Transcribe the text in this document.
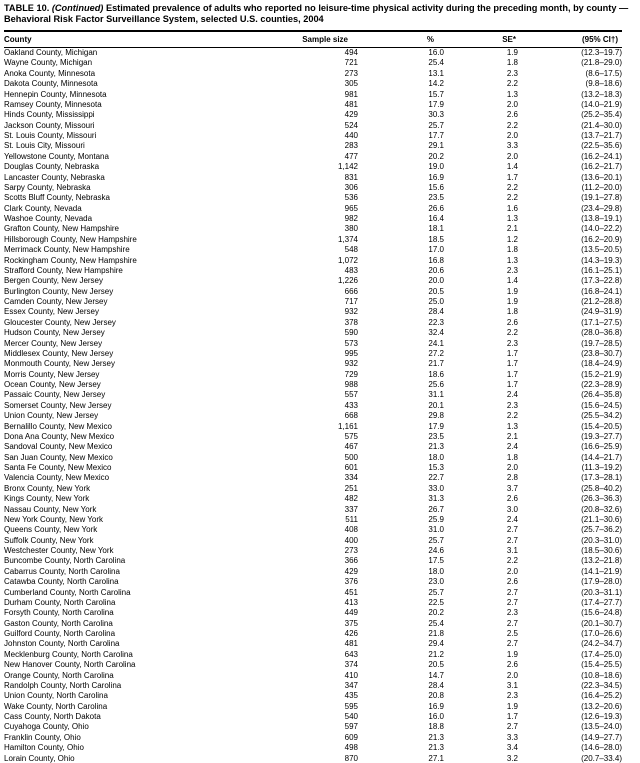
TABLE 10. (Continued) Estimated prevalence of adults who reported no leisure-time physical activity during the preceding month, by county — Behavioral Risk Factor Surveillance System, selected U.S. counties, 2004

County	Sample size	%	SE*	(95% CI†)
Oakland County, Michigan	494	16.0	1.9	(12.3–19.7)
Wayne County, Michigan	721	25.4	1.8	(21.8–29.0)
Anoka County, Minnesota	273	13.1	2.3	(8.6–17.5)
Dakota County, Minnesota	305	14.2	2.2	(9.8–18.6)
Hennepin County, Minnesota	981	15.7	1.3	(13.2–18.3)
Ramsey County, Minnesota	481	17.9	2.0	(14.0–21.9)
Hinds County, Mississippi	429	30.3	2.6	(25.2–35.4)
Jackson County, Missouri	524	25.7	2.2	(21.4–30.0)
St. Louis County, Missouri	440	17.7	2.0	(13.7–21.7)
St. Louis City, Missouri	283	29.1	3.3	(22.5–35.6)
Yellowstone County, Montana	477	20.2	2.0	(16.2–24.1)
Douglas County, Nebraska	1,142	19.0	1.4	(16.2–21.7)
Lancaster County, Nebraska	831	16.9	1.7	(13.6–20.1)
Sarpy County, Nebraska	306	15.6	2.2	(11.2–20.0)
Scotts Bluff County, Nebraska	536	23.5	2.2	(19.1–27.8)
Clark County, Nevada	965	26.6	1.6	(23.4–29.8)
Washoe County, Nevada	982	16.4	1.3	(13.8–19.1)
Grafton County, New Hampshire	380	18.1	2.1	(14.0–22.2)
Hillsborough County, New Hampshire	1,374	18.5	1.2	(16.2–20.9)
Merrimack County, New Hampshire	548	17.0	1.8	(13.5–20.5)
Rockingham County, New Hampshire	1,072	16.8	1.3	(14.3–19.3)
Strafford County, New Hampshire	483	20.6	2.3	(16.1–25.1)
Bergen County, New Jersey	1,226	20.0	1.4	(17.3–22.8)
Burlington County, New Jersey	666	20.5	1.9	(16.8–24.1)
Camden County, New Jersey	717	25.0	1.9	(21.2–28.8)
Essex County, New Jersey	932	28.4	1.8	(24.9–31.9)
Gloucester County, New Jersey	378	22.3	2.6	(17.1–27.5)
Hudson County, New Jersey	590	32.4	2.2	(28.0–36.8)
Mercer County, New Jersey	573	24.1	2.3	(19.7–28.5)
Middlesex County, New Jersey	995	27.2	1.7	(23.8–30.7)
Monmouth County, New Jersey	932	21.7	1.7	(18.4–24.9)
Morris County, New Jersey	729	18.6	1.7	(15.2–21.9)
Ocean County, New Jersey	988	25.6	1.7	(22.3–28.9)
Passaic County, New Jersey	557	31.1	2.4	(26.4–35.8)
Somerset County, New Jersey	433	20.1	2.3	(15.6–24.5)
Union County, New Jersey	668	29.8	2.2	(25.5–34.2)
Bernalillo County, New Mexico	1,161	17.9	1.3	(15.4–20.5)
Dona Ana County, New Mexico	575	23.5	2.1	(19.3–27.7)
Sandoval County, New Mexico	467	21.3	2.4	(16.6–25.9)
San Juan County, New Mexico	500	18.0	1.8	(14.4–21.7)
Santa Fe County, New Mexico	601	15.3	2.0	(11.3–19.2)
Valencia County, New Mexico	334	22.7	2.8	(17.3–28.1)
Bronx County, New York	251	33.0	3.7	(25.8–40.2)
Kings County, New York	482	31.3	2.6	(26.3–36.3)
Nassau County, New York	337	26.7	3.0	(20.8–32.6)
New York County, New York	511	25.9	2.4	(21.1–30.6)
Queens County, New York	408	31.0	2.7	(25.7–36.2)
Suffolk County, New York	400	25.7	2.7	(20.3–31.0)
Westchester County, New York	273	24.6	3.1	(18.5–30.6)
Buncombe County, North Carolina	366	17.5	2.2	(13.2–21.8)
Cabarrus County, North Carolina	429	18.0	2.0	(14.1–21.9)
Catawba County, North Carolina	376	23.0	2.6	(17.9–28.0)
Cumberland County, North Carolina	451	25.7	2.7	(20.3–31.1)
Durham County, North Carolina	413	22.5	2.7	(17.4–27.7)
Forsyth County, North Carolina	449	20.2	2.3	(15.6–24.8)
Gaston County, North Carolina	375	25.4	2.7	(20.1–30.7)
Guilford County, North Carolina	426	21.8	2.5	(17.0–26.6)
Johnston County, North Carolina	481	29.4	2.7	(24.2–34.7)
Mecklenburg County, North Carolina	643	21.2	1.9	(17.4–25.0)
New Hanover County, North Carolina	374	20.5	2.6	(15.4–25.5)
Orange County, North Carolina	410	14.7	2.0	(10.8–18.6)
Randolph County, North Carolina	347	28.4	3.1	(22.3–34.5)
Union County, North Carolina	435	20.8	2.3	(16.4–25.2)
Wake County, North Carolina	595	16.9	1.9	(13.2–20.6)
Cass County, North Dakota	540	16.0	1.7	(12.6–19.3)
Cuyahoga County, Ohio	597	18.8	2.7	(13.5–24.0)
Franklin County, Ohio	609	21.3	3.3	(14.9–27.7)
Hamilton County, Ohio	498	21.3	3.4	(14.6–28.0)
Lorain County, Ohio	870	27.1	3.2	(20.7–33.4)
